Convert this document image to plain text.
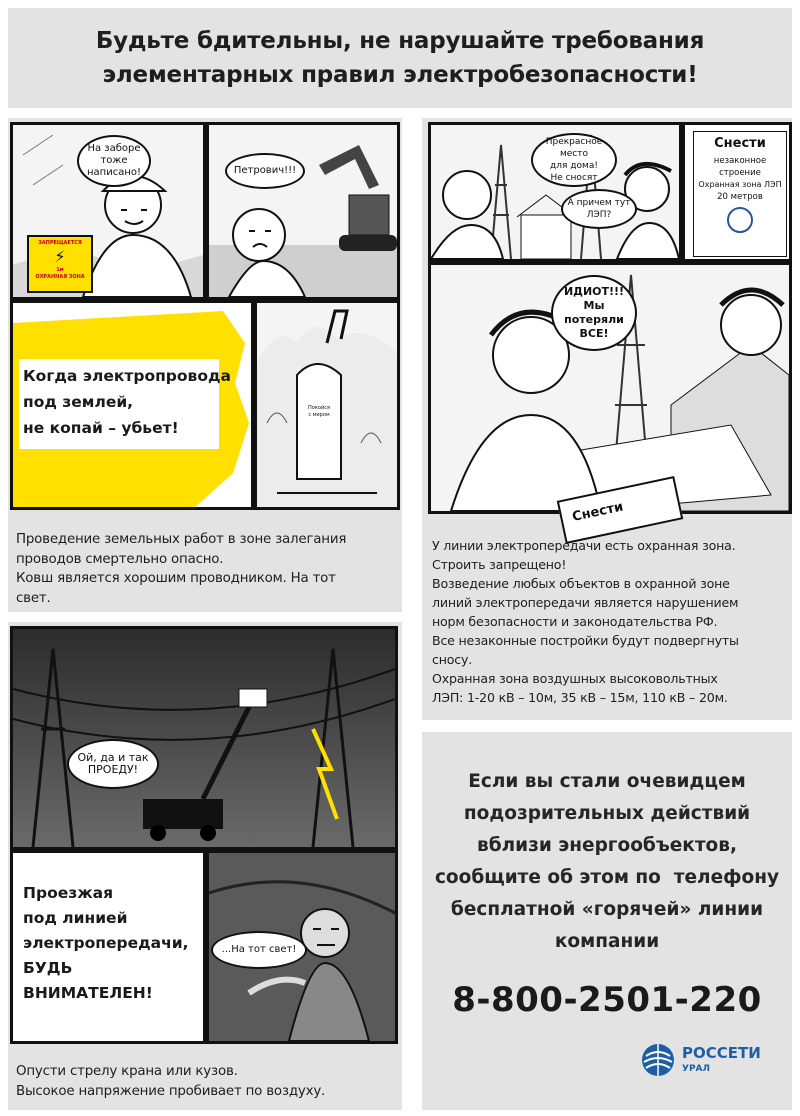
Будьте бдительны, не нарушайте требования
элементарных правил электробезопасности!
На заборе
тоже
написано!
ЗАПРЕЩАЕТСЯ
⚡
1м
ОХРАННАЯ ЗОНА
Петрович!!!
Когда электропровода
под землей,
не копай – убьет!
Покойся
с миром

Проведение земельных работ в зоне залегания

проводов смертельно опасно.

Ковш является хорошим проводником. На тот

свет.

Прекрасное место
для дома!
Не сносят
А причем тут
ЛЭП?
Снести
незаконное
строение
Охранная зона ЛЭП
20 метров
ИДИОТ!!!
Мы потеряли
ВСЕ!
Снести

У линии электропередачи есть охранная зона.

Строить запрещено!

Возведение любых объектов в охранной зоне

линий электропередачи является нарушением

норм безопасности и законодательства РФ.

Все незаконные постройки будут подвергнуты

сносу.

Охранная зона воздушных высоковольтных

ЛЭП: 1-20 кВ – 10м, 35 кВ – 15м, 110 кВ – 20м.

Ой, да и так
ПРОЕДУ!
Проезжая
под линией
электропередачи,
БУДЬ
ВНИМАТЕЛЕН!
...На тот свет!

Опусти стрелу крана или кузов.

Высокое напряжение пробивает по воздуху.

Если вы стали очевидцем
подозрительных действий
вблизи энергообъектов,
сообщите об этом по  телефону
бесплатной «горячей» линии
компании
8-800-2501-220
РОССЕТИ
УРАЛ
